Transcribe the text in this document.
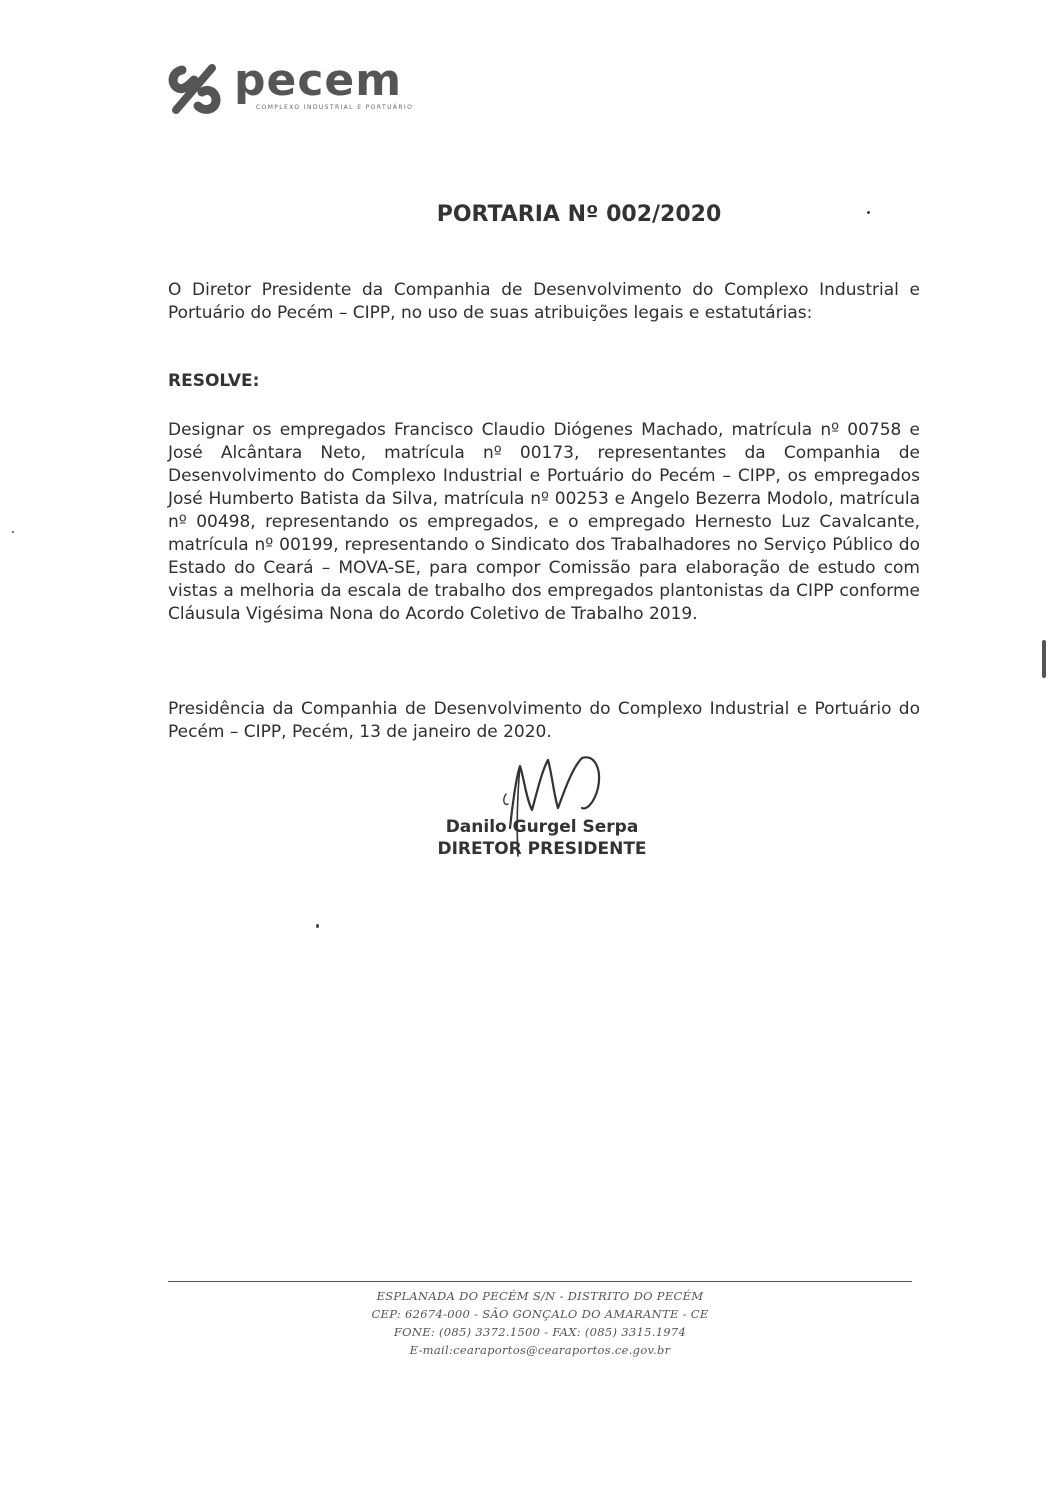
pecem
COMPLEXO INDUSTRIAL E PORTUÁRIO
PORTARIA Nº 002/2020
O Diretor Presidente da Companhia de Desenvolvimento do Complexo Industrial e Portuário do Pecém – CIPP, no uso de suas atribuições legais e estatutárias:
RESOLVE:
Designar os empregados Francisco Claudio Diógenes Machado, matrícula nº 00758 e José Alcântara Neto, matrícula nº 00173, representantes da Companhia de Desenvolvimento do Complexo Industrial e Portuário do Pecém – CIPP, os empregados José Humberto Batista da Silva, matrícula nº 00253 e Angelo Bezerra Modolo, matrícula nº 00498, representando os empregados, e o empregado Hernesto Luz Cavalcante, matrícula nº 00199, representando o Sindicato dos Trabalhadores no Serviço Público do Estado do Ceará – MOVA-SE, para compor Comissão para elaboração de estudo com vistas a melhoria da escala de trabalho dos empregados plantonistas da CIPP conforme Cláusula Vigésima Nona do Acordo Coletivo de Trabalho 2019.
Presidência da Companhia de Desenvolvimento do Complexo Industrial e Portuário do Pecém – CIPP, Pecém, 13 de janeiro de 2020.
Danilo Gurgel Serpa
DIRETOR PRESIDENTE
ESPLANADA DO PECÉM S/N - DISTRITO DO PECÉM
CEP: 62674-000 - SÃO GONÇALO DO AMARANTE - CE
FONE: (085) 3372.1500 - FAX: (085) 3315.1974
E-mail:cearaportos@cearaportos.ce.gov.br
